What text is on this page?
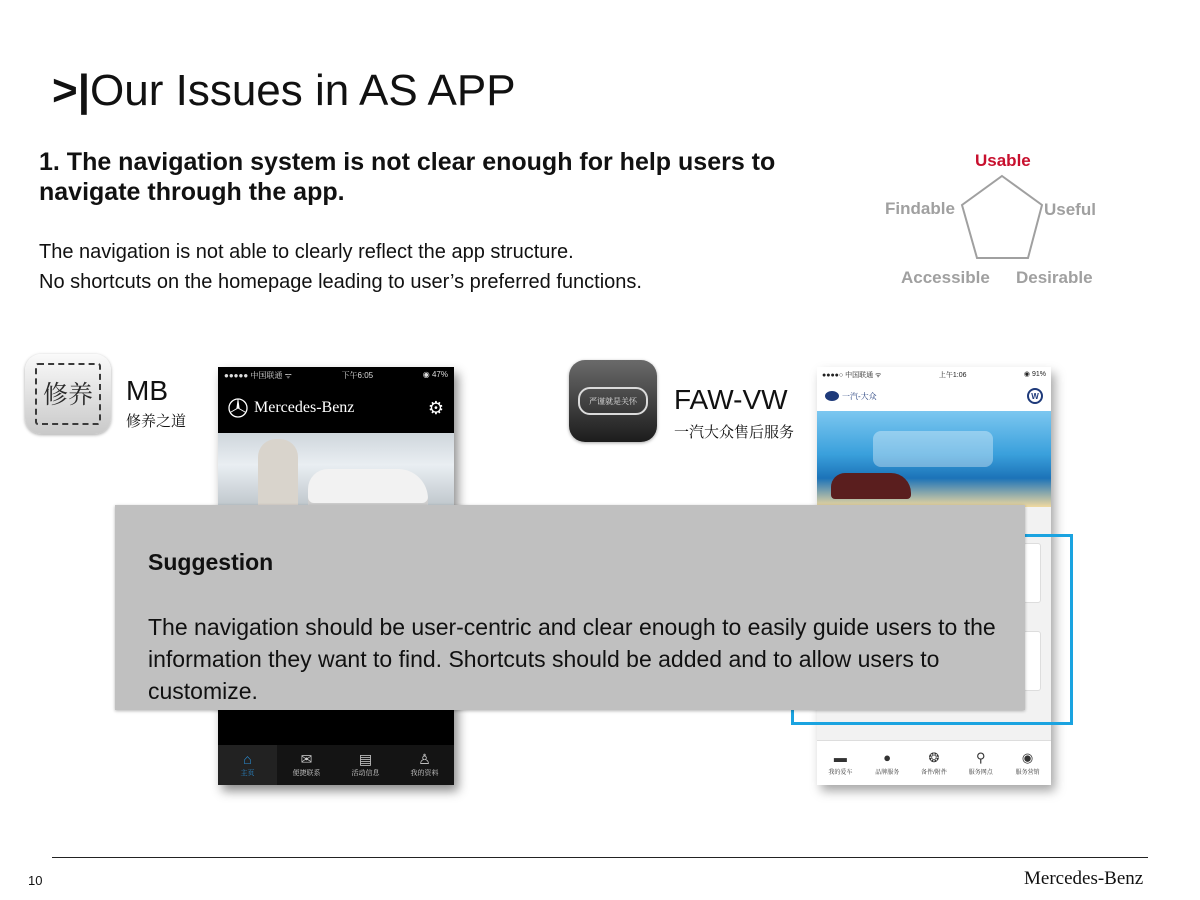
>|Our Issues in AS APP
1. The navigation system is not clear enough for help users to navigate through the app.
The navigation is not able to clearly reflect the app structure.
No shortcuts on the homepage leading to user’s preferred functions.
Usable
Findable	Useful
Accessible Desirable
修养 MB
修养之道
●●●●● 中国联通 ᯤ	下午6:05	◉ 47%
Mercedes-Benz	⚙
⌂
主页
✉
便捷联系
▤
活动信息
♙
我的资料
严谨就是关怀	FAW-VW
一汽大众售后服务
●●●●○ 中国联通 ᯤ	上午1:06	◉ 91%
一汽-大众	W
▬
我的爱车
●
品牌服务
❂
备件/附件
⚲
服务网点
◉
服务营销
Suggestion
The navigation should be user-centric and clear enough to easily guide users to the information they want to find. Shortcuts should be added and to allow users to customize.
10	Mercedes-Benz
